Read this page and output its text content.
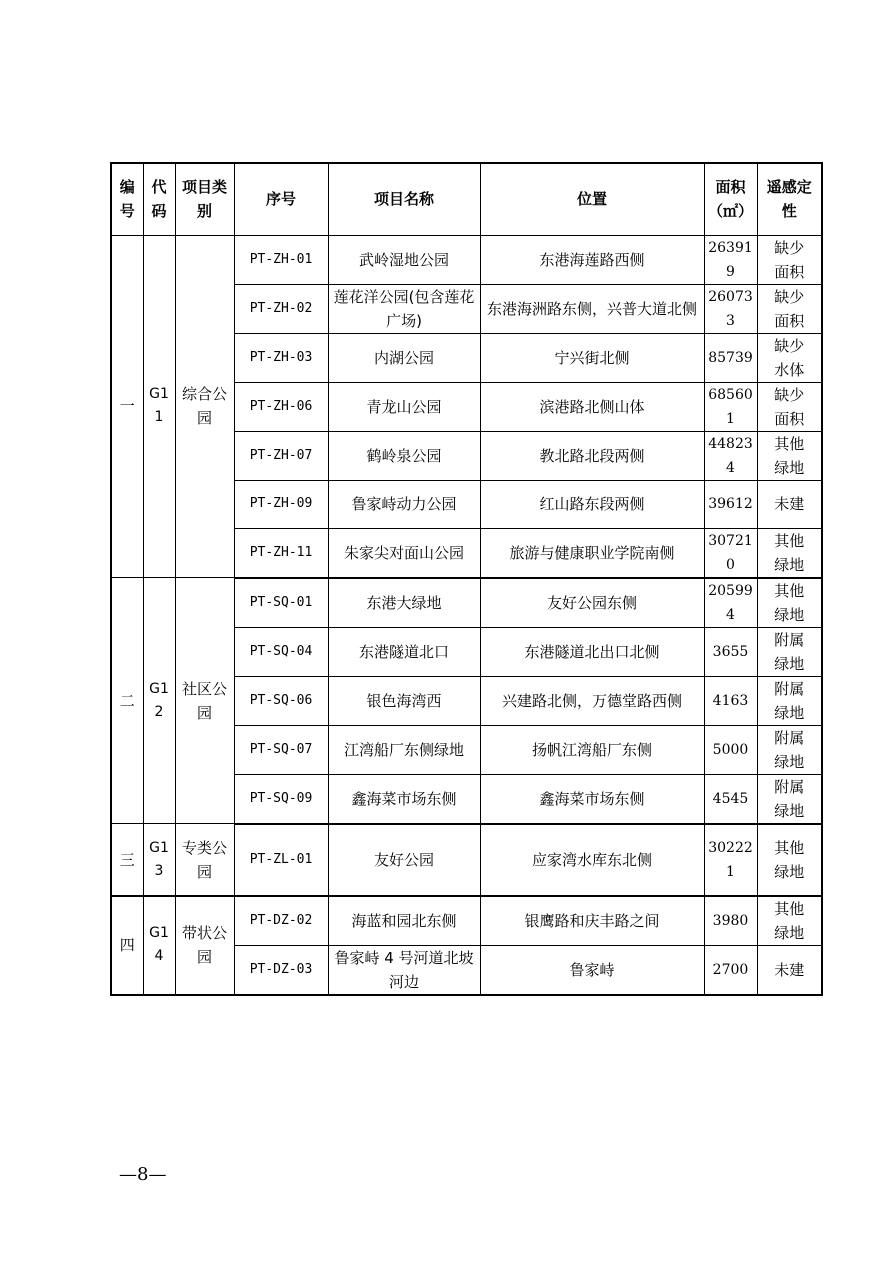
编号	代码	项目类别	序号	项目名称	位置	面积（㎡）	遥感定性
一	G11	综合公园	PT-ZH-01	武岭湿地公园	东港海莲路西侧	263919	缺少面积
			PT-ZH-02	莲花洋公园(包含莲花广场)	东港海洲路东侧，兴普大道北侧	260733	缺少面积
			PT-ZH-03	内湖公园	宁兴街北侧	85739	缺少水体
			PT-ZH-06	青龙山公园	滨港路北侧山体	685601	缺少面积
			PT-ZH-07	鹤岭泉公园	教北路北段两侧	448234	其他绿地
			PT-ZH-09	鲁家峙动力公园	红山路东段两侧	39612	未建
			PT-ZH-11	朱家尖对面山公园	旅游与健康职业学院南侧	307210	其他绿地
二	G12	社区公园	PT-SQ-01	东港大绿地	友好公园东侧	205994	其他绿地
			PT-SQ-04	东港隧道北口	东港隧道北出口北侧	3655	附属绿地
			PT-SQ-06	银色海湾西	兴建路北侧，万德堂路西侧	4163	附属绿地
			PT-SQ-07	江湾船厂东侧绿地	扬帆江湾船厂东侧	5000	附属绿地
			PT-SQ-09	鑫海菜市场东侧	鑫海菜市场东侧	4545	附属绿地
三	G13	专类公园	PT-ZL-01	友好公园	应家湾水库东北侧	302221	其他绿地
四	G14	带状公园	PT-DZ-02	海蓝和园北东侧	银鹰路和庆丰路之间	3980	其他绿地
			PT-DZ-03	鲁家峙 4 号河道北坡河边	鲁家峙	2700	未建
—8—
